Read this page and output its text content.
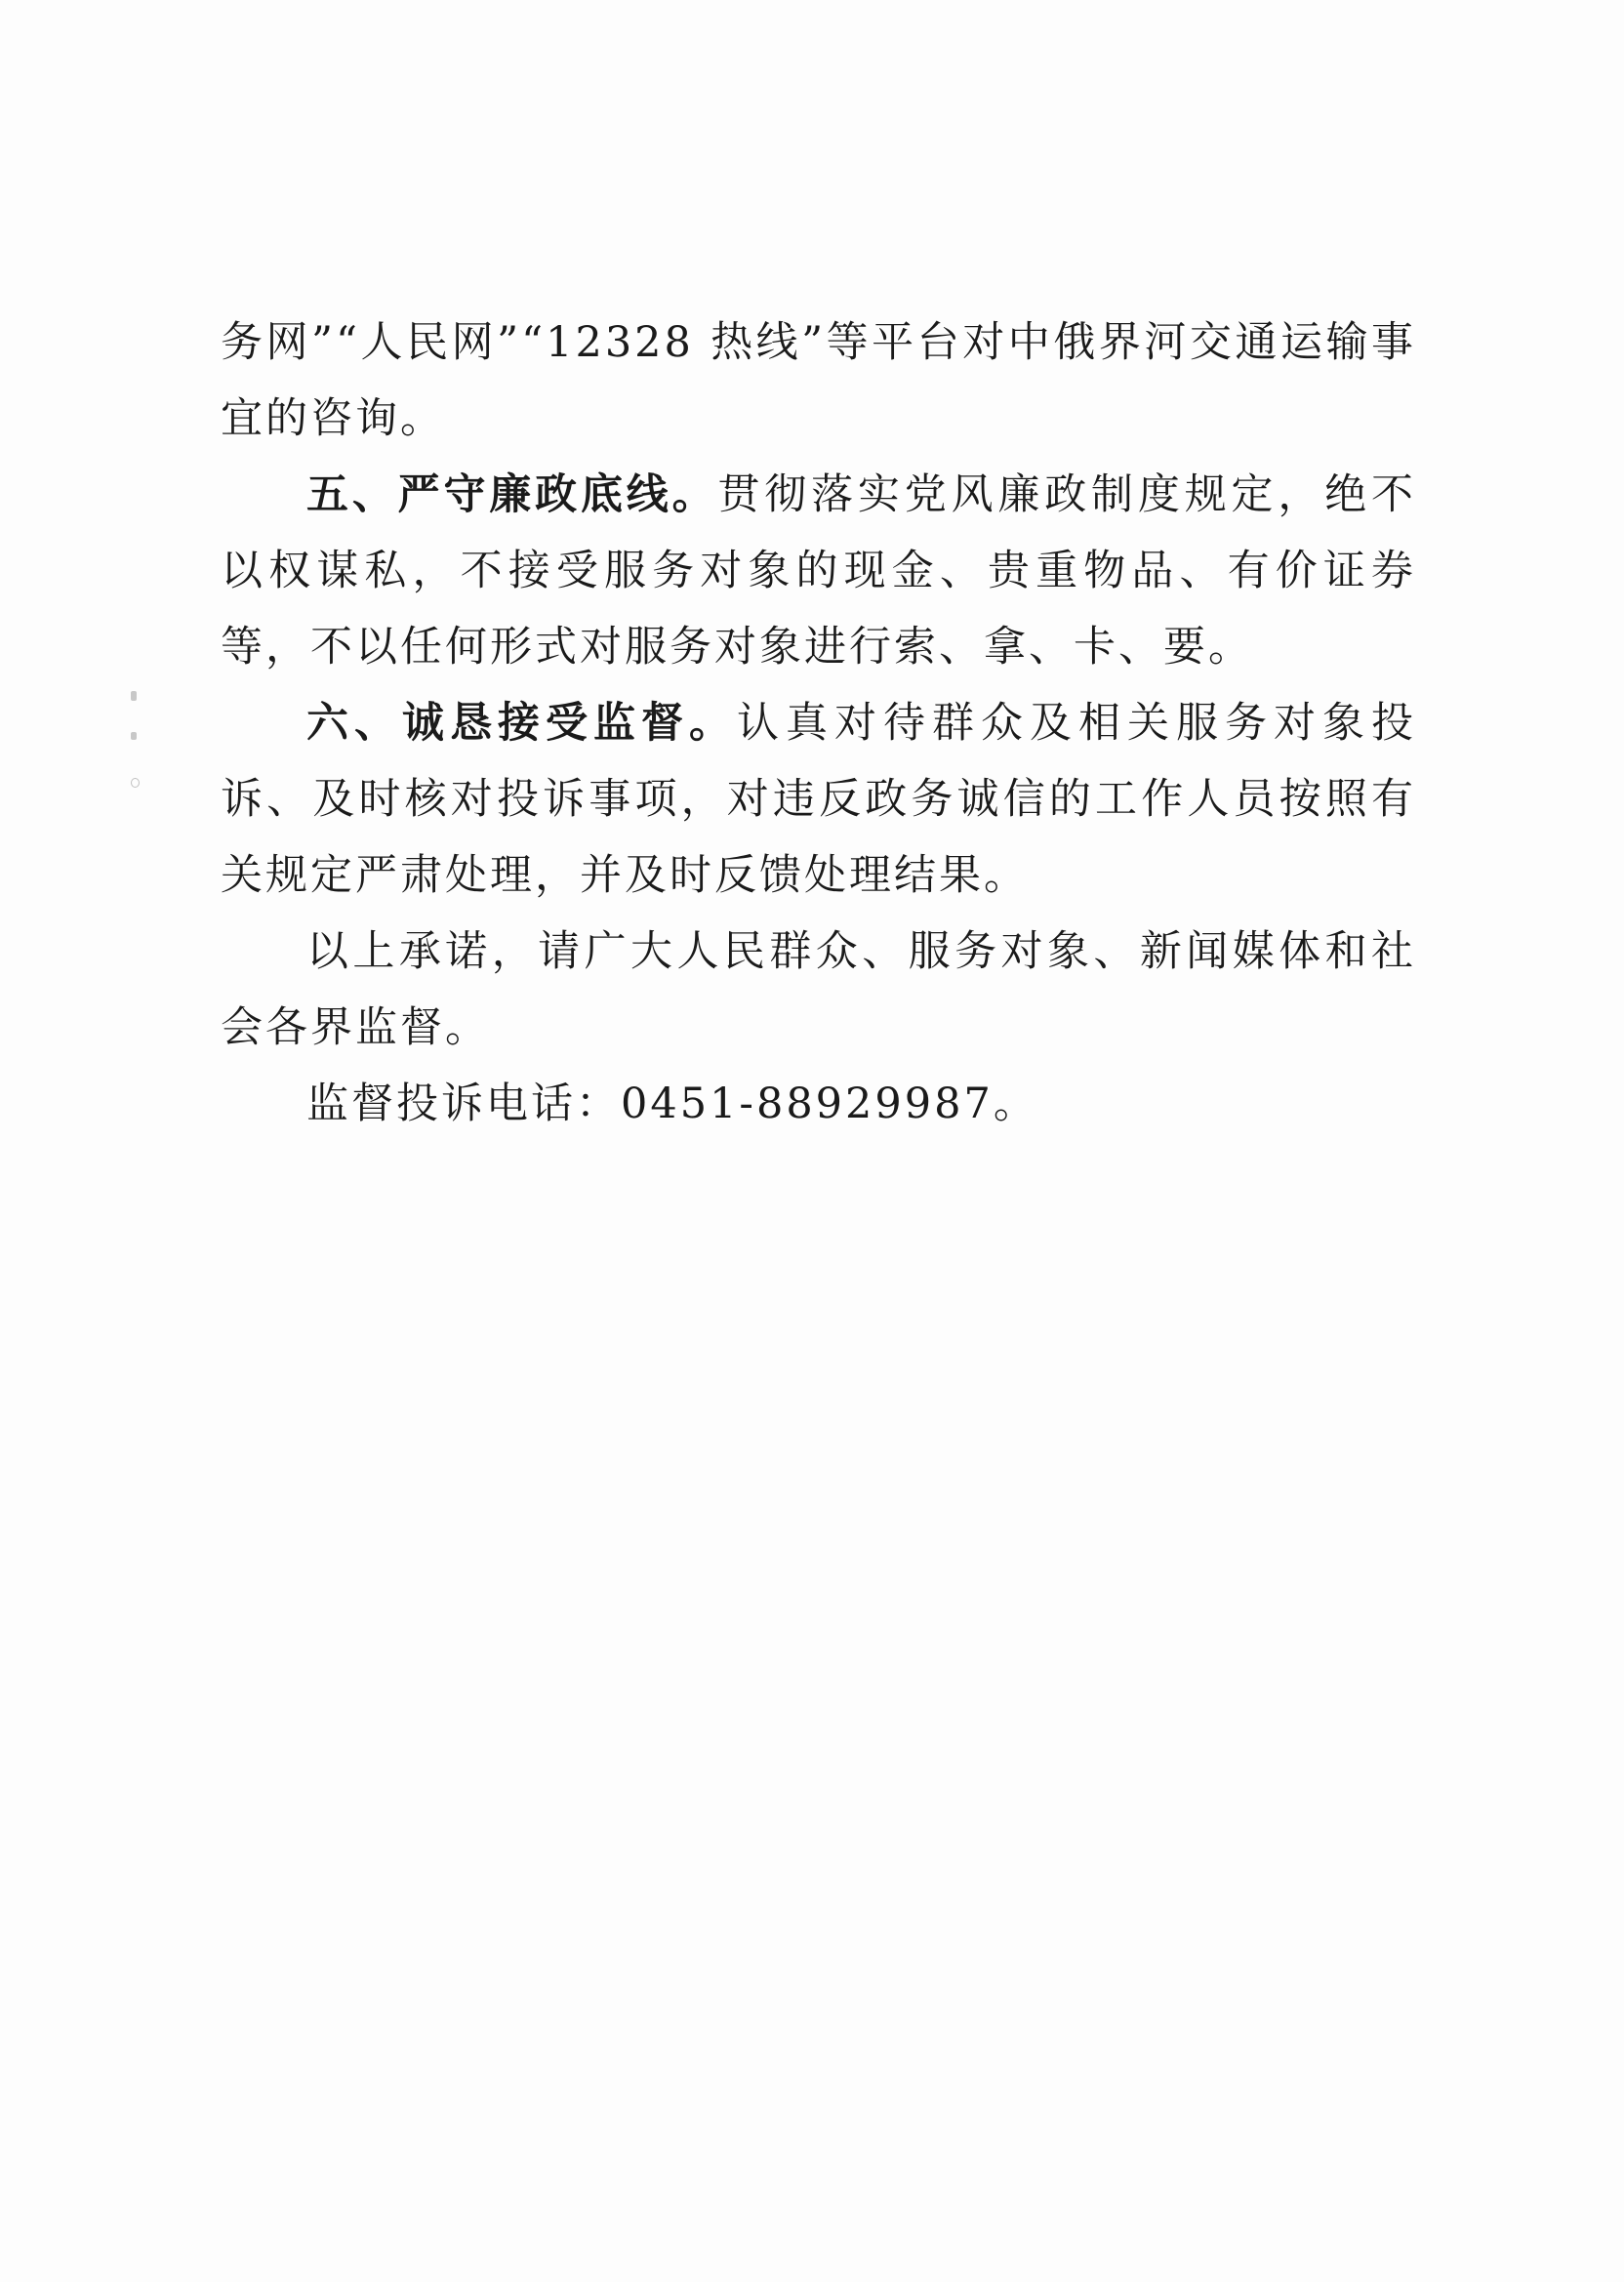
务网”“人民网”“12328 热线”等平台对中俄界河交通运输事宜的咨询。

五、严守廉政底线。贯彻落实党风廉政制度规定，绝不以权谋私，不接受服务对象的现金、贵重物品、有价证券等，不以任何形式对服务对象进行索、拿、卡、要。

六、诚恳接受监督。认真对待群众及相关服务对象投诉、及时核对投诉事项，对违反政务诚信的工作人员按照有关规定严肃处理，并及时反馈处理结果。

以上承诺，请广大人民群众、服务对象、新闻媒体和社会各界监督。

监督投诉电话：0451-88929987。
